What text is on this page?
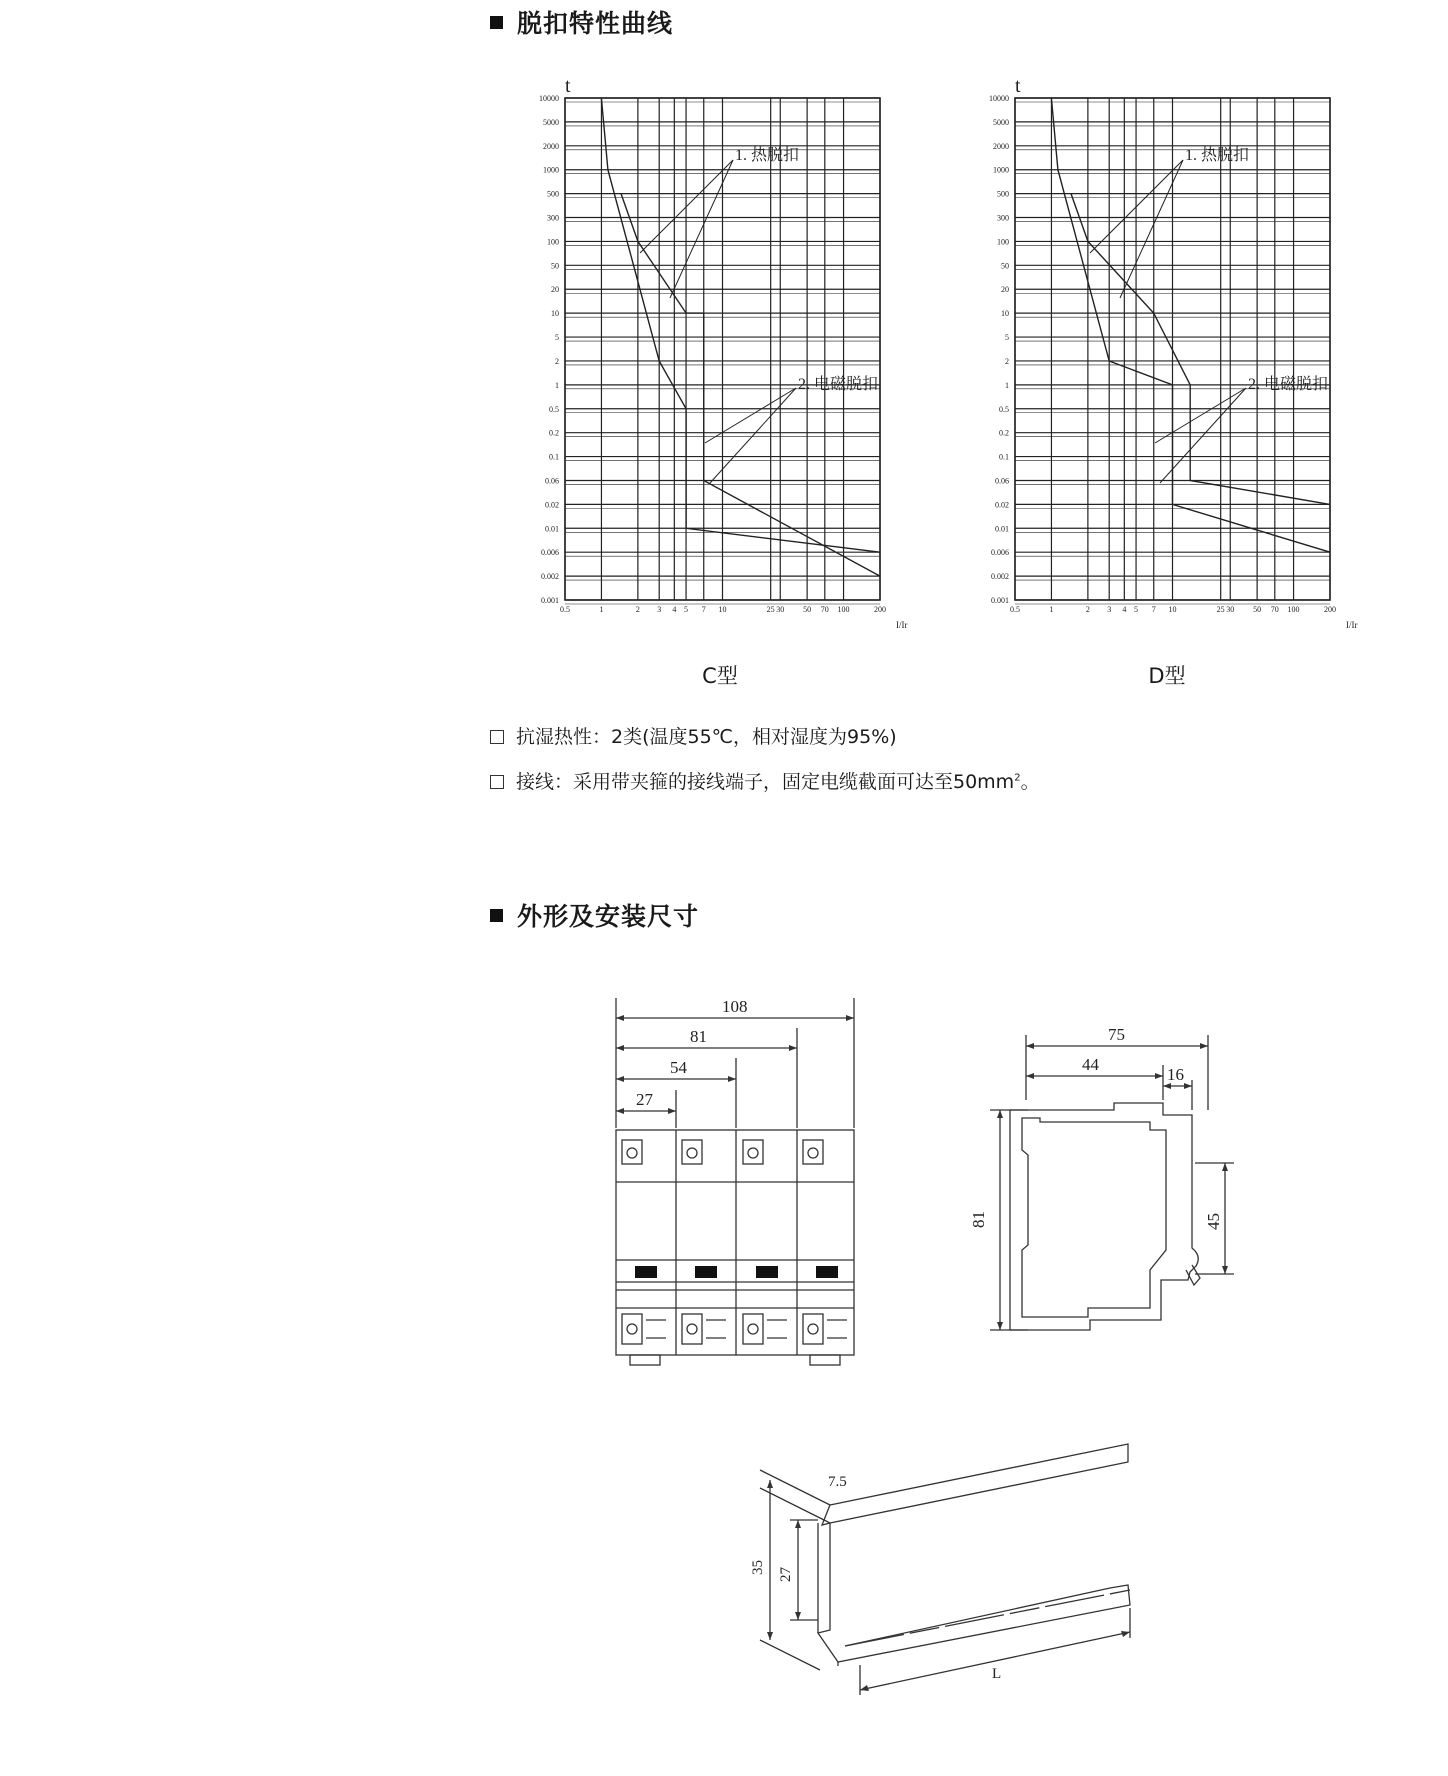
脱扣特性曲线
t
10000
5000
2000
1000
500
300
100
50
20
10
5
2
1
0.5
0.2
0.1
0.06
0.02
0.01
0.006
0.002
0.001
0.5	1	2 3 4 5 7 10	25 30 50 70 100	200
1. 热脱扣
2. 电磁脱扣
I/Ir
t
10000
5000
2000
1000
500
300
100
50
20
10
5
2
1
0.5
0.2
0.1
0.06
0.02
0.01
0.006
0.002
0.001
0.5	1	2 3 4 5 7 10	25 30 50 70 100	200
1. 热脱扣
2. 电磁脱扣
I/Ir
C型	D型
抗湿热性：2类(温度55℃，相对湿度为95%)
接线：采用带夹箍的接线端子，固定电缆截面可达至$50mm^2$。
外形及安装尺寸
108
81
54
27
75
44
16
81	45
7.5
35 27
L
